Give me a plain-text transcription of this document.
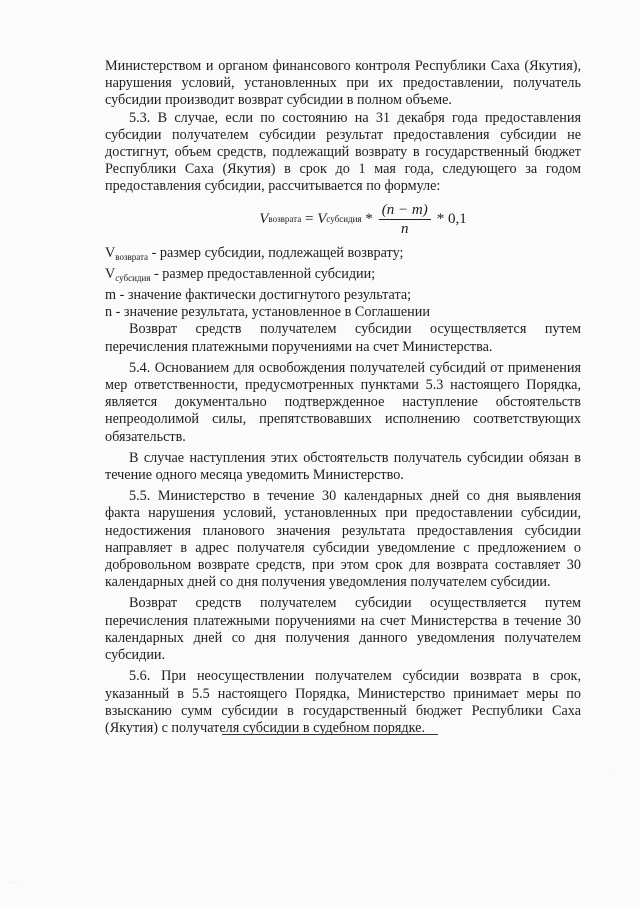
Министерством и органом финансового контроля Республики Саха (Якутия), нарушения условий, установленных при их предоставлении, получатель субсидии производит возврат субсидии в полном объеме.

5.3. В случае, если по состоянию на 31 декабря года предоставления субсидии получателем субсидии результат предоставления субсидии не достигнут, объем средств, подлежащий возврату в государственный бюджет Республики Саха (Якутия) в срок до 1 мая года, следующего за годом предоставления субсидии, рассчитывается по формуле:

V возврата
=
V субсидия
* $\frac{(n - m)}{n} * 0,1$
$V_{возврата}$ - размер субсидии, подлежащей возврату;
$V_{субсидия}$ - размер предоставленной субсидии;
m - значение фактически достигнутого результата;
n - значение результата, установленное в Соглашении

Возврат средств получателем субсидии осуществляется путем перечисления платежными поручениями на счет Министерства.

5.4. Основанием для освобождения получателей субсидий от применения мер ответственности, предусмотренных пунктами 5.3 настоящего Порядка, является документально подтвержденное наступление обстоятельств непреодолимой силы, препятствовавших исполнению соответствующих обязательств.

В случае наступления этих обстоятельств получатель субсидии обязан в течение одного месяца уведомить Министерство.

5.5. Министерство в течение 30 календарных дней со дня выявления факта нарушения условий, установленных при предоставлении субсидии, недостижения планового значения результата предоставления субсидии направляет в адрес получателя субсидии уведомление с предложением о добровольном возврате средств, при этом срок для возврата составляет 30 календарных дней со дня получения уведомления получателем субсидии.

Возврат средств получателем субсидии осуществляется путем перечисления платежными поручениями на счет Министерства в течение 30 календарных дней со дня получения данного уведомления получателем субсидии.

5.6. При неосуществлении получателем субсидии возврата в срок, указанный в 5.5 настоящего Порядка, Министерство принимает меры по взысканию сумм субсидии в государственный бюджет Республики Саха (Якутия) с получателя субсидии в судебном порядке.

· · · ·
·
